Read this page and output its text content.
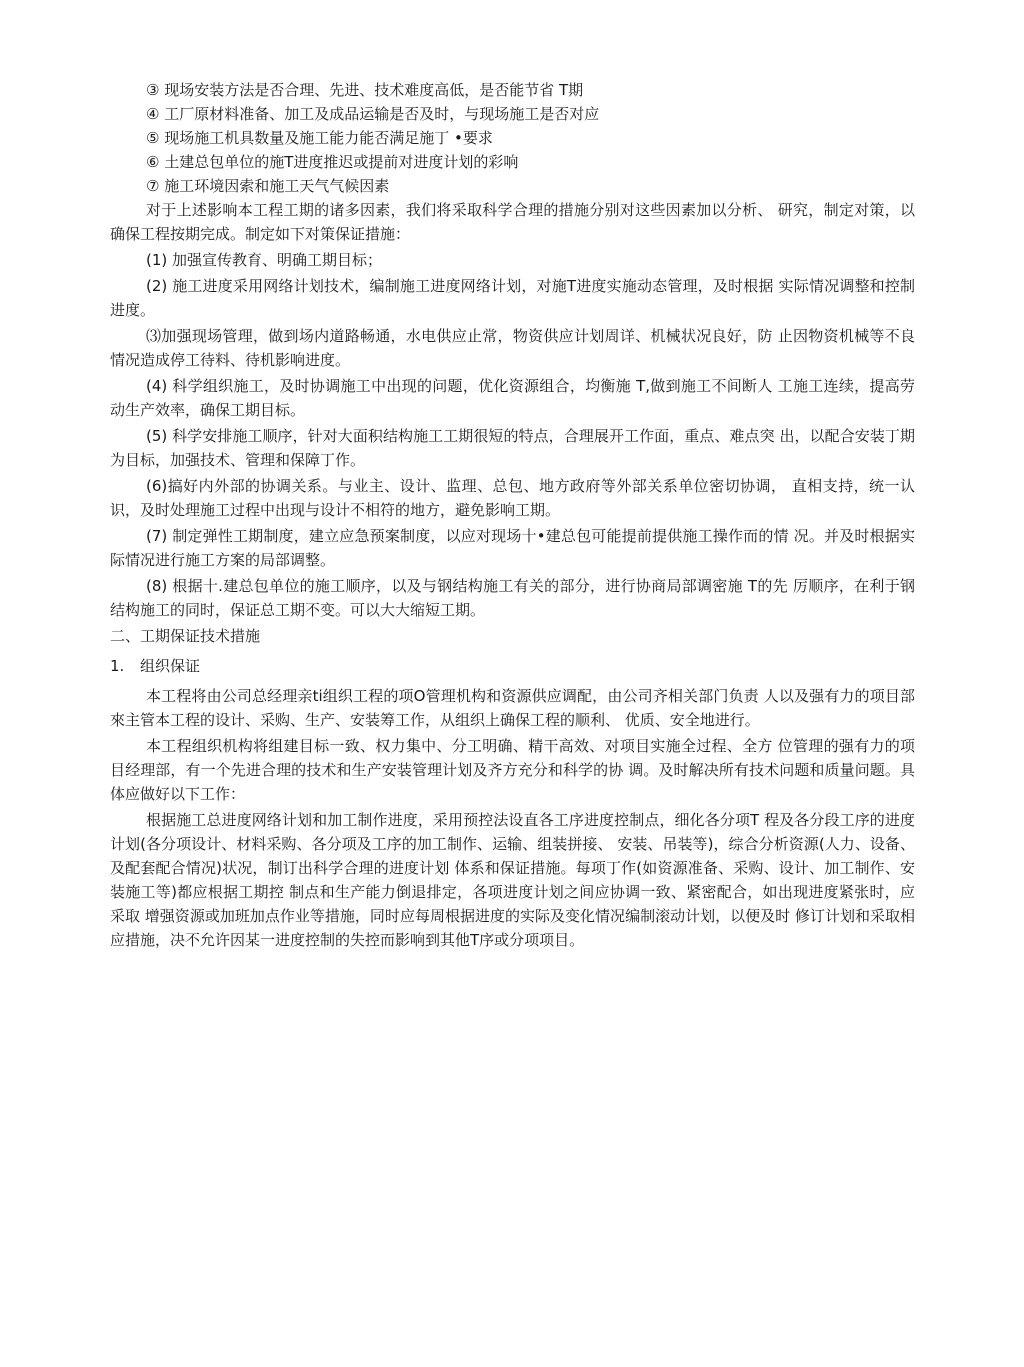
③ 现场安装方法是否合理、先进、技术难度高低，是否能节省 T期

④ 工厂原材料准备、加工及成品运输是否及时，与现场施工是否对应

⑤ 现场施工机具数量及施工能力能否满足施丁 •要求

⑥ 土建总包单位的施T进度推迟或提前对进度计划的彩响

⑦ 施工环境因索和施工天气气候因素

对于上述影响本工程工期的诸多因素，我们将采取科学合理的措施分别对这些因素加以分析、 研究，制定对策，以确保工程按期完成。制定如下对策保证措施：

(1) 加强宣传教育、明确工期目标；

(2) 施工进度采用网络计划技术，编制施工进度网络计划，对施T进度实施动态管理，及时根据 实际情况调整和控制进度。

⑶加强现场管理，做到场内道路畅通，水电供应止常，物资供应计划周详、机械状况良好，防 止因物资机械等不良情况造成停工待料、待机影响进度。

(4) 科学组织施工，及时协调施工中出现的问题，优化资源组合，均衡施 T,做到施工不间断人 工施工连续，提高劳动生产效率，确保工期目标。

(5) 科学安排施工顺序，针对大面积结构施工工期很短的特点，合理展开工作面，重点、难点突 出，以配合安装丁期为目标，加强技术、管理和保障丁作。

(6)搞好内外部的协调关系。与业主、设计、监理、总包、地方政府等外部关系单位密切协调， 直相支持，统一认识，及时处理施工过程中出现与设计不相符的地方，避免影响工期。

(7) 制定弹性工期制度，建立应急预案制度，以应对现场十•建总包可能提前提供施工操作而的情 况。并及时根据实际情况进行施工方案的局部调整。

(8) 根据十.建总包单位的施工顺序，以及与钢结构施工有关的部分，进行协商局部调密施 T的先 厉顺序，在利于钢结构施工的同时，保证总工期不变。可以大大缩短工期。

二、工期保证技术措施

1. 组织保证

本工程将由公司总经理亲ti组织工程的项O管理机构和资源供应调配，由公司齐相关部门负责 人以及强有力的项目部來主管本工程的设计、采购、生产、安装筹工作，从组织上确保工程的顺利、 优质、安全地进行。

本工程组织机构将组建目标一致、权力集中、分工明确、精干高效、对项目实施全过程、全方 位管理的强有力的项目经理部，有一个先进合理的技术和生产安装管理计划及齐方充分和科学的协 调。及时解决所有技术问题和质量问题。具体应做好以下工作：

根据施工总进度网络计划和加工制作进度，采用预控法设直各工序进度控制点，细化各分项T 程及各分段工序的进度计划(各分项设计、材料采购、各分项及工序的加工制作、运输、组装拼接、 安装、吊装等)，综合分析资源(人力、设备、及配套配合情况)状况，制订出科学合理的进度计划 体系和保证措施。每项丁作(如资源准备、采购、设计、加工制作、安装施工等)都应根据工期控 制点和生产能力倒退排定，各项进度计划之间应协调一致、紧密配合，如出现进度紧张时，应采取 增强资源或加班加点作业等措施，同时应每周根据进度的实际及变化情况编制滚动计划，以便及时 修订计划和采取相应措施，决不允许因某一进度控制的失控而影响到其他T序或分项项目。
